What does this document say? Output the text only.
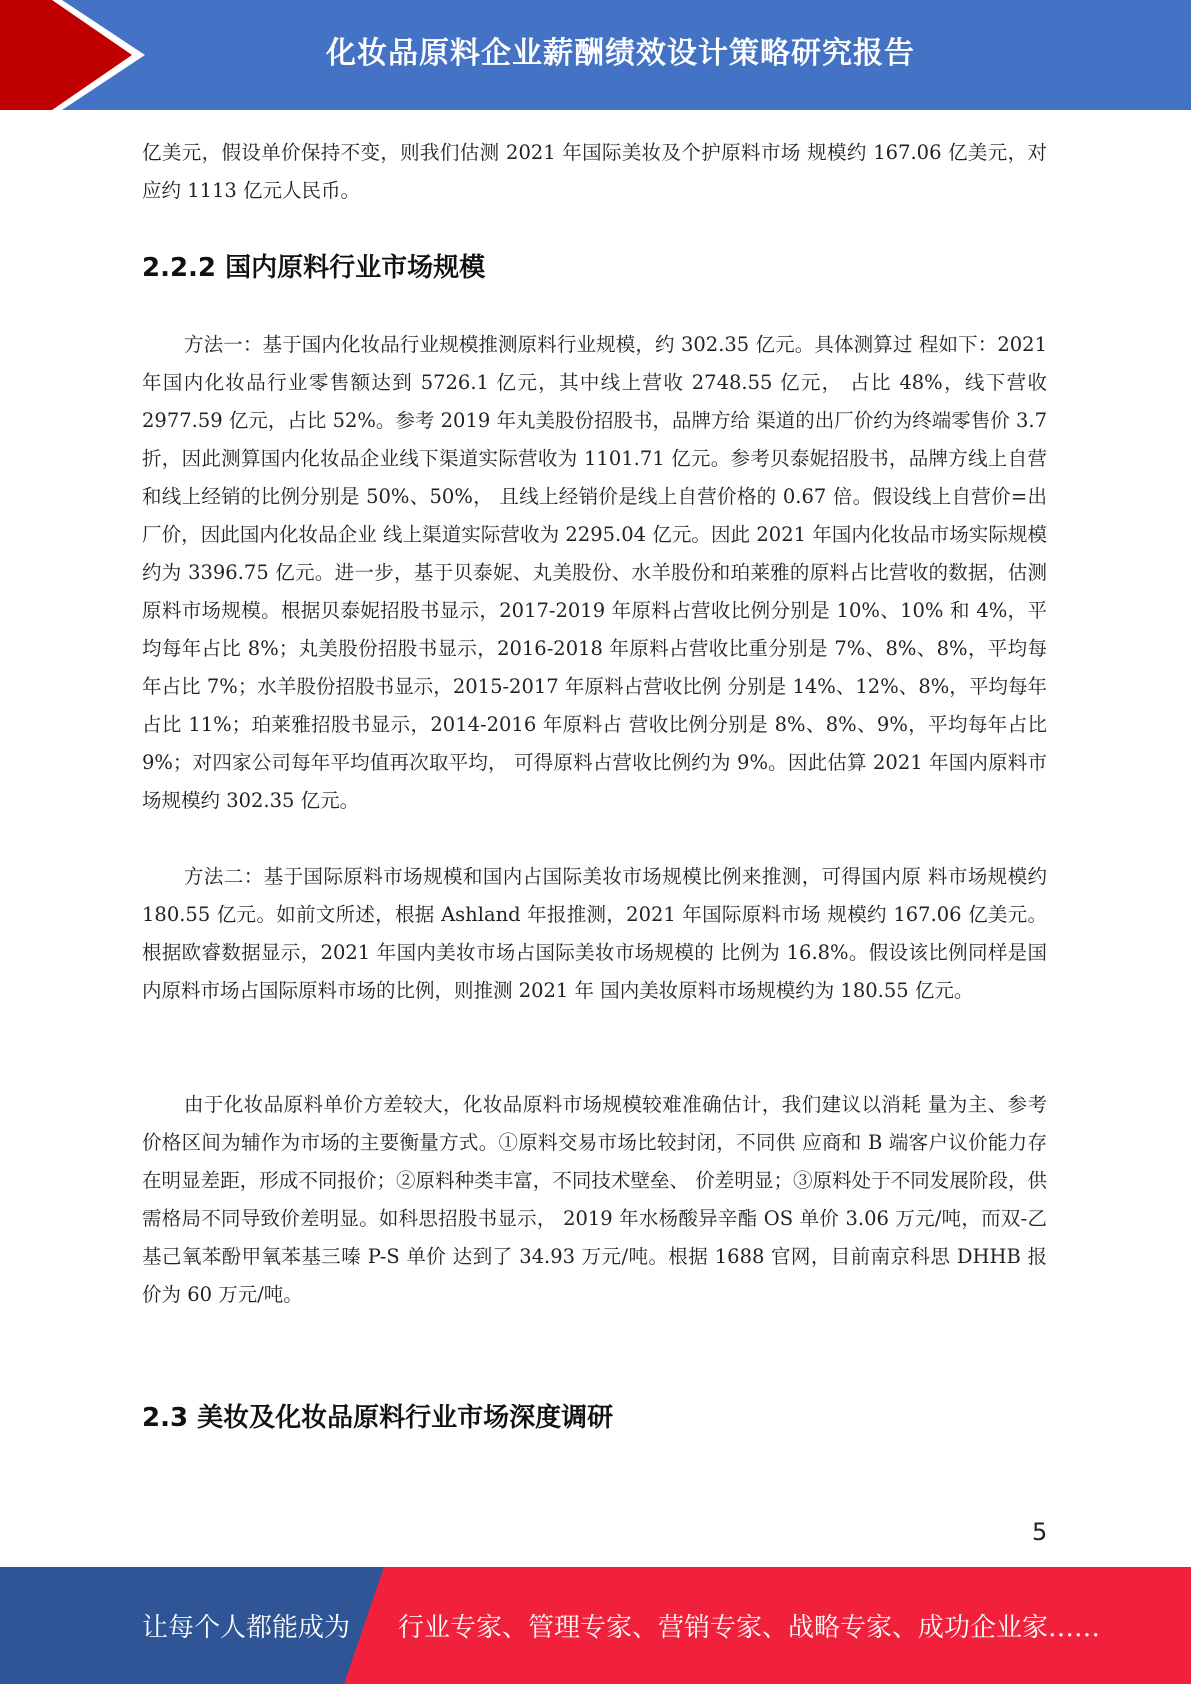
化妆品原料企业薪酬绩效设计策略研究报告

亿美元，假设单价保持不变，则我们估测 2021 年国际美妆及个护原料市场 规模约 167.06 亿美元，对应约 1113 亿元人民币。

2.2.2 国内原料行业市场规模

方法一：基于国内化妆品行业规模推测原料行业规模，约 302.35 亿元。具体测算过 程如下：2021 年国内化妆品行业零售额达到 5726.1 亿元，其中线上营收 2748.55 亿元， 占比 48%，线下营收 2977.59 亿元，占比 52%。参考 2019 年丸美股份招股书，品牌方给 渠道的出厂价约为终端零售价 3.7 折，因此测算国内化妆品企业线下渠道实际营收为 1101.71 亿元。参考贝泰妮招股书，品牌方线上自营和线上经销的比例分别是 50%、50%， 且线上经销价是线上自营价格的 0.67 倍。假设线上自营价=出厂价，因此国内化妆品企业 线上渠道实际营收为 2295.04 亿元。因此 2021 年国内化妆品市场实际规模约为 3396.75 亿元。进一步，基于贝泰妮、丸美股份、水羊股份和珀莱雅的原料占比营收的数据，估测 原料市场规模。根据贝泰妮招股书显示，2017-2019 年原料占营收比例分别是 10%、10% 和 4%，平均每年占比 8%；丸美股份招股书显示，2016-2018 年原料占营收比重分别是 7%、8%、8%，平均每年占比 7%；水羊股份招股书显示，2015-2017 年原料占营收比例 分别是 14%、12%、8%，平均每年占比 11%；珀莱雅招股书显示，2014-2016 年原料占 营收比例分别是 8%、8%、9%，平均每年占比 9%；对四家公司每年平均值再次取平均， 可得原料占营收比例约为 9%。因此估算 2021 年国内原料市场规模约 302.35 亿元。

方法二：基于国际原料市场规模和国内占国际美妆市场规模比例来推测，可得国内原 料市场规模约 180.55 亿元。如前文所述，根据 Ashland 年报推测，2021 年国际原料市场 规模约 167.06 亿美元。根据欧睿数据显示，2021 年国内美妆市场占国际美妆市场规模的 比例为 16.8%。假设该比例同样是国内原料市场占国际原料市场的比例，则推测 2021 年 国内美妆原料市场规模约为 180.55 亿元。

由于化妆品原料单价方差较大，化妆品原料市场规模较难准确估计，我们建议以消耗 量为主、参考价格区间为辅作为市场的主要衡量方式。①原料交易市场比较封闭，不同供 应商和 B 端客户议价能力存在明显差距，形成不同报价；②原料种类丰富，不同技术壁垒、 价差明显；③原料处于不同发展阶段，供需格局不同导致价差明显。如科思招股书显示， 2019 年水杨酸异辛酯 OS 单价 3.06 万元/吨，而双-乙基己氧苯酚甲氧苯基三嗪 P-S 单价 达到了 34.93 万元/吨。根据 1688 官网，目前南京科思 DHHB 报价为 60 万元/吨。

2.3 美妆及化妆品原料行业市场深度调研
5
让每个人都能成为 行业专家、管理专家、营销专家、战略专家、成功企业家……
